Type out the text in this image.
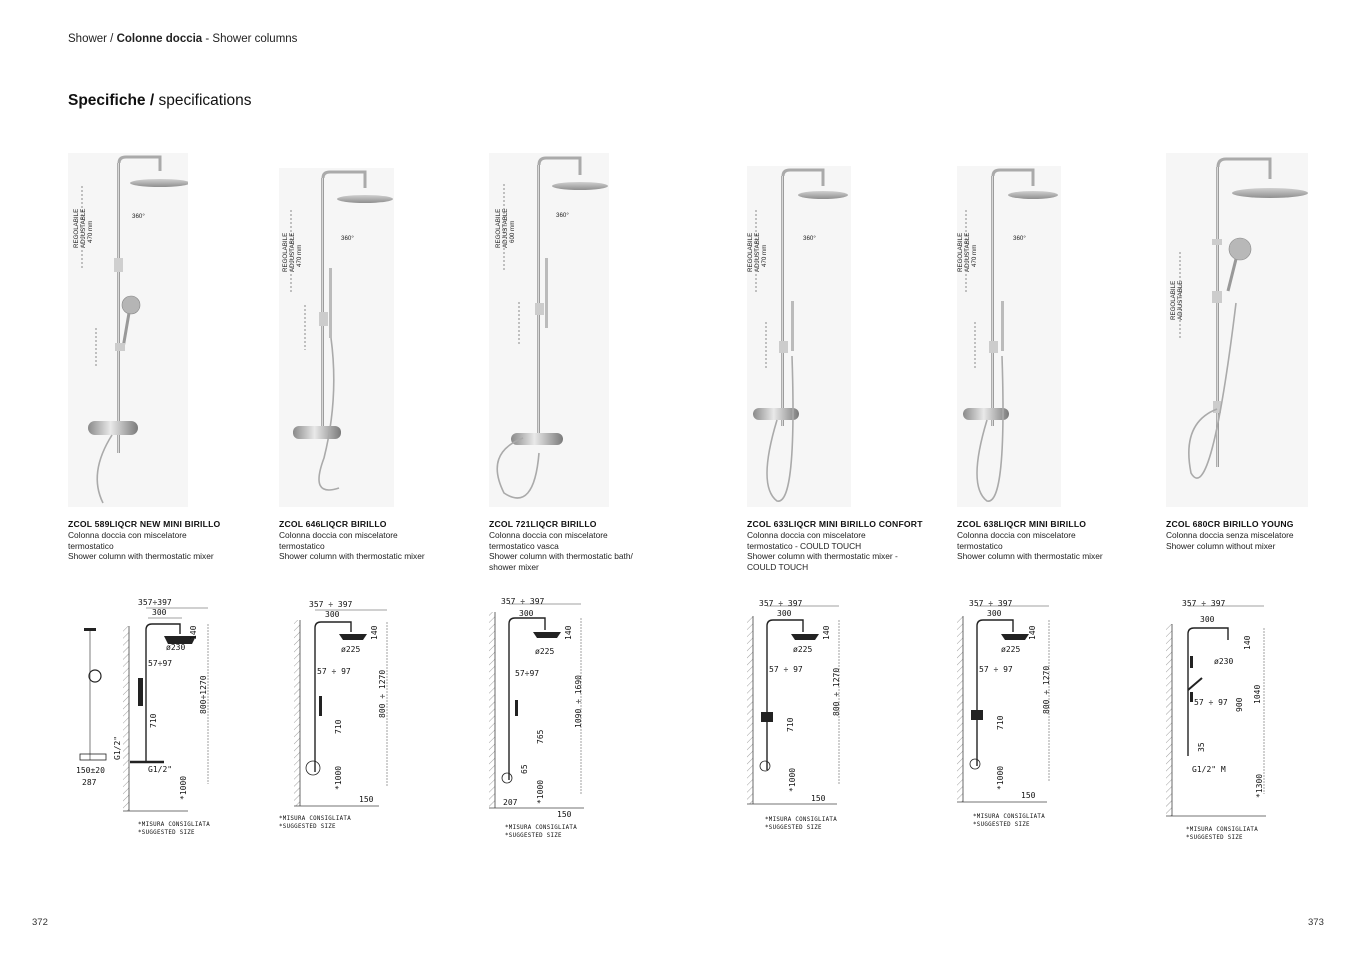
Shower / Colonne doccia - Shower columns
Specifiche / specifications
ZCOL 589LIQCR NEW MINI BIRILLO
Colonna doccia con miscelatore
termostatico
Shower column with thermostatic mixer
ZCOL 646LIQCR BIRILLO
Colonna doccia con miscelatore
termostatico
Shower column with thermostatic mixer
ZCOL 721LIQCR BIRILLO
Colonna doccia con miscelatore
termostatico vasca
Shower column with thermostatic bath/
shower mixer
ZCOL 633LIQCR MINI BIRILLO CONFORT
Colonna doccia con miscelatore
termostatico - COULD TOUCH
Shower column with thermostatic mixer -
COULD TOUCH
ZCOL 638LIQCR MINI BIRILLO
Colonna doccia con miscelatore
termostatico
Shower column with thermostatic mixer
ZCOL 680CR BIRILLO YOUNG
Colonna doccia senza miscelatore
Shower column without mixer
REGOLABILE ADJUSTABLE 470 mm
360°
REGOLABILE ADJUSTABLE 470 mm
360°	REGOLABILE ADJUSTABLE 600 mm
360°
REGOLABILE ADJUSTABLE 470 mm
360°	REGOLABILE ADJUSTABLE 470 mm
360°
REGOLABILE ADJUSTABLE
357÷397
300
140
ø230
57÷97
800÷1270
710
G1/2"
G1/2"
*1000
150±20
287
*MISURA CONSIGLIATA
*SUGGESTED SIZE
357 ÷ 397
300
140
ø225
57 ÷ 97	800 ÷ 1270
710
*1000
150
*MISURA CONSIGLIATA
*SUGGESTED SIZE
357 ÷ 397
300
140
ø225
57÷97
1090 ÷ 1690
765
65
*1000
207
150
*MISURA CONSIGLIATA
*SUGGESTED SIZE
357 ÷ 397
300
140
ø225
57 ÷ 97	800 ÷ 1270
710
*1000
150
*MISURA CONSIGLIATA
*SUGGESTED SIZE
357 ÷ 397
300
140
ø225
57 ÷ 97	800 ÷ 1270
710
*1000
150
*MISURA CONSIGLIATA
*SUGGESTED SIZE
357 ÷ 397
300
140
ø230
57 ÷ 97 900
1040
35
G1/2" M
*1300
*MISURA CONSIGLIATA
*SUGGESTED SIZE
372	373
